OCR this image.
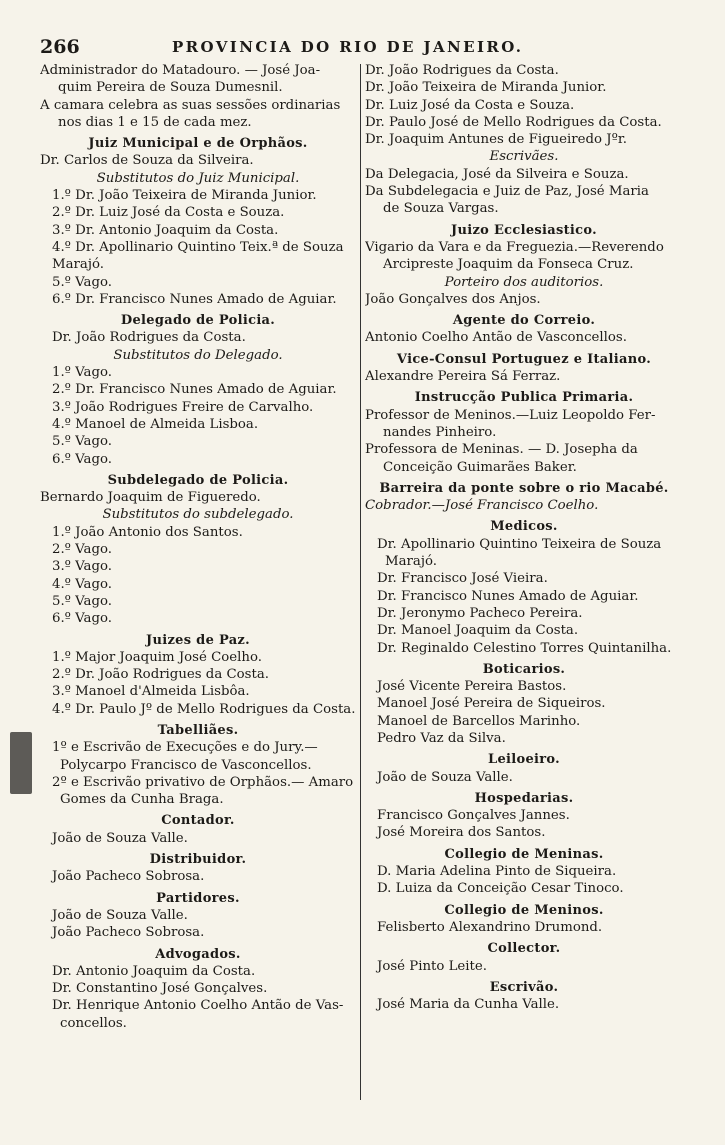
266	PROVINCIA DO RIO DE JANEIRO.
Administrador do Matadouro. — José Joa-
quim Pereira de Souza Dumesnil.
A camara celebra as suas sessões ordinarias
nos dias 1 e 15 de cada mez.
Juiz Municipal e de Orphãos.
Dr. Carlos de Souza da Silveira.
Substitutos do Juiz Municipal.
1.º Dr. João Teixeira de Miranda Junior.
2.º Dr. Luiz José da Costa e Souza.
3.º Dr. Antonio Joaquim da Costa.
4.º Dr. Apollinario Quintino Teix.ª de Souza
Marajó.
5.º Vago.
6.º Dr. Francisco Nunes Amado de Aguiar.
Delegado de Policia.
Dr. João Rodrigues da Costa.
Substitutos do Delegado.
1.º Vago.
2.º Dr. Francisco Nunes Amado de Aguiar.
3.º João Rodrigues Freire de Carvalho.
4.º Manoel de Almeida Lisboa.
5.º Vago.
6.º Vago.
Subdelegado de Policia.
Bernardo Joaquim de Figueredo.
Substitutos do subdelegado.
1.º João Antonio dos Santos.
2.º Vago.
3.º Vago.
4.º Vago.
5.º Vago.
6.º Vago.
Juizes de Paz.
1.º Major Joaquim José Coelho.
2.º Dr. João Rodrigues da Costa.
3.º Manoel d'Almeida Lisbôa.
4.º Dr. Paulo Jº de Mello Rodrigues da Costa.
Tabelliães.
1º e Escrivão de Execuções e do Jury.—
Polycarpo Francisco de Vasconcellos.
2º e Escrivão privativo de Orphãos.— Amaro
Gomes da Cunha Braga.
Contador.
João de Souza Valle.
Distribuidor.
João Pacheco Sobrosa.
Partidores.
João de Souza Valle.
João Pacheco Sobrosa.
Advogados.
Dr. Antonio Joaquim da Costa.
Dr. Constantino José Gonçalves.
Dr. Henrique Antonio Coelho Antão de Vas-
concellos.
Dr. João Rodrigues da Costa.
Dr. João Teixeira de Miranda Junior.
Dr. Luiz José da Costa e Souza.
Dr. Paulo José de Mello Rodrigues da Costa.
Dr. Joaquim Antunes de Figueiredo Jºr.
Escrivães.
Da Delegacia, José da Silveira e Souza.
Da Subdelegacia e Juiz de Paz, José Maria
de Souza Vargas.
Juizo Ecclesiastico.
Vigario da Vara e da Freguezia.—Reverendo
Arcipreste Joaquim da Fonseca Cruz.
Porteiro dos auditorios.
João Gonçalves dos Anjos.
Agente do Correio.
Antonio Coelho Antão de Vasconcellos.
Vice-Consul Portuguez e Italiano.
Alexandre Pereira Sá Ferraz.
Instrucção Publica Primaria.
Professor de Meninos.—Luiz Leopoldo Fer-
nandes Pinheiro.
Professora de Meninas. — D. Josepha da
Conceição Guimarães Baker.
Barreira da ponte sobre o rio Macabé.
Cobrador.—José Francisco Coelho.
Medicos.
Dr. Apollinario Quintino Teixeira de Souza
Marajó.
Dr. Francisco José Vieira.
Dr. Francisco Nunes Amado de Aguiar.
Dr. Jeronymo Pacheco Pereira.
Dr. Manoel Joaquim da Costa.
Dr. Reginaldo Celestino Torres Quintanilha.
Boticarios.
José Vicente Pereira Bastos.
Manoel José Pereira de Siqueiros.
Manoel de Barcellos Marinho.
Pedro Vaz da Silva.
Leiloeiro.
João de Souza Valle.
Hospedarias.
Francisco Gonçalves Jannes.
José Moreira dos Santos.
Collegio de Meninas.
D. Maria Adelina Pinto de Siqueira.
D. Luiza da Conceição Cesar Tinoco.
Collegio de Meninos.
Felisberto Alexandrino Drumond.
Collector.
José Pinto Leite.
Escrivão.
José Maria da Cunha Valle.
